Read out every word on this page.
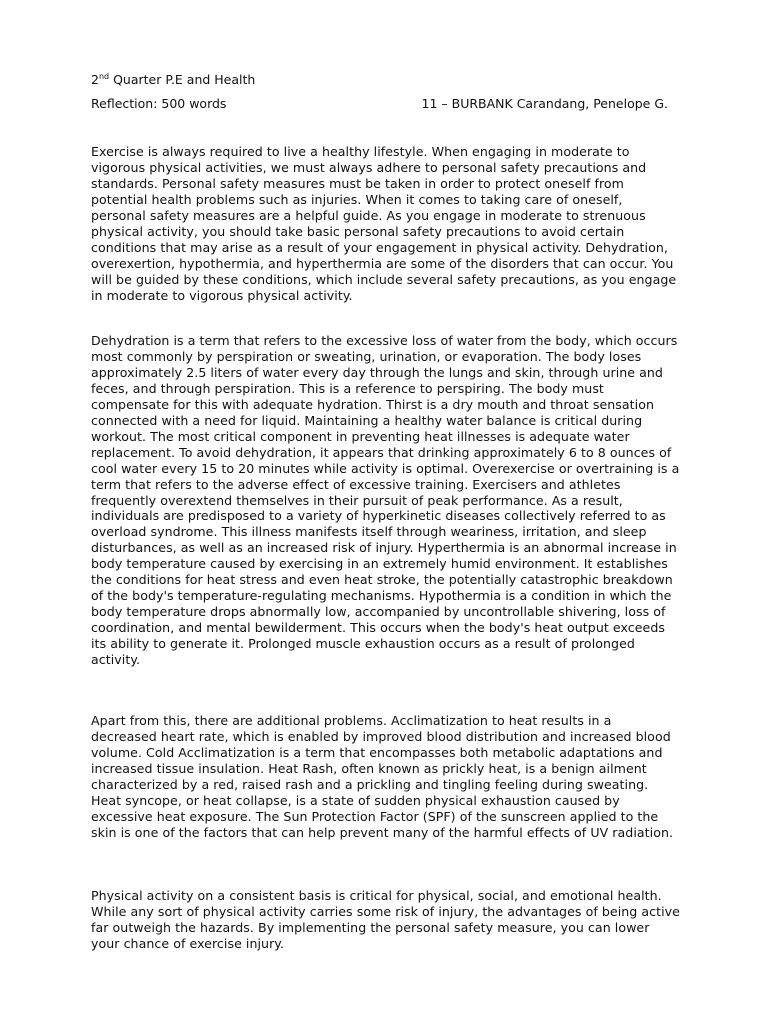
2nd Quarter P.E and Health
Reflection: 500 words	11 – BURBANK Carandang, Penelope G.

Exercise is always required to live a healthy lifestyle. When engaging in moderate to vigorous physical activities, we must always adhere to personal safety precautions and standards. Personal safety measures must be taken in order to protect oneself from potential health problems such as injuries. When it comes to taking care of oneself, personal safety measures are a helpful guide. As you engage in moderate to strenuous physical activity, you should take basic personal safety precautions to avoid certain conditions that may arise as a result of your engagement in physical activity. Dehydration, overexertion, hypothermia, and hyperthermia are some of the disorders that can occur. You will be guided by these conditions, which include several safety precautions, as you engage in moderate to vigorous physical activity.

Dehydration is a term that refers to the excessive loss of water from the body, which occurs most commonly by perspiration or sweating, urination, or evaporation. The body loses approximately 2.5 liters of water every day through the lungs and skin, through urine and feces, and through perspiration. This is a reference to perspiring. The body must compensate for this with adequate hydration. Thirst is a dry mouth and throat sensation connected with a need for liquid. Maintaining a healthy water balance is critical during workout. The most critical component in preventing heat illnesses is adequate water replacement. To avoid dehydration, it appears that drinking approximately 6 to 8 ounces of cool water every 15 to 20 minutes while activity is optimal. Overexercise or overtraining is a term that refers to the adverse effect of excessive training. Exercisers and athletes frequently overextend themselves in their pursuit of peak performance. As a result, individuals are predisposed to a variety of hyperkinetic diseases collectively referred to as overload syndrome. This illness manifests itself through weariness, irritation, and sleep disturbances, as well as an increased risk of injury. Hyperthermia is an abnormal increase in body temperature caused by exercising in an extremely humid environment. It establishes the conditions for heat stress and even heat stroke, the potentially catastrophic breakdown of the body's temperature-regulating mechanisms. Hypothermia is a condition in which the body temperature drops abnormally low, accompanied by uncontrollable shivering, loss of coordination, and mental bewilderment. This occurs when the body's heat output exceeds its ability to generate it. Prolonged muscle exhaustion occurs as a result of prolonged activity.

Apart from this, there are additional problems. Acclimatization to heat results in a decreased heart rate, which is enabled by improved blood distribution and increased blood volume. Cold Acclimatization is a term that encompasses both metabolic adaptations and increased tissue insulation. Heat Rash, often known as prickly heat, is a benign ailment characterized by a red, raised rash and a prickling and tingling feeling during sweating. Heat syncope, or heat collapse, is a state of sudden physical exhaustion caused by excessive heat exposure. The Sun Protection Factor (SPF) of the sunscreen applied to the skin is one of the factors that can help prevent many of the harmful effects of UV radiation.

Physical activity on a consistent basis is critical for physical, social, and emotional health. While any sort of physical activity carries some risk of injury, the advantages of being active far outweigh the hazards. By implementing the personal safety measure, you can lower your chance of exercise injury.
